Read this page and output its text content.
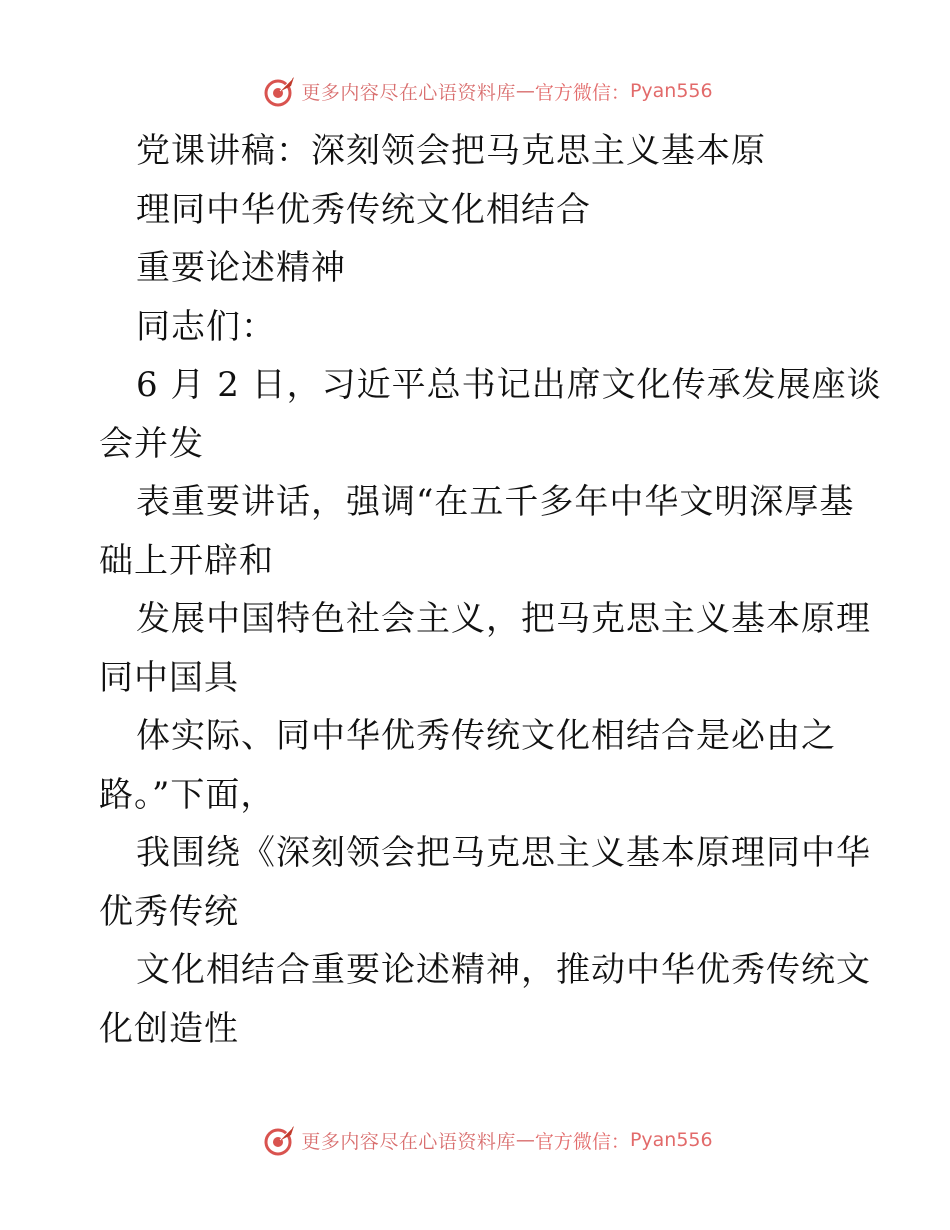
更多内容尽在心语资料库 — 官方微信： Pyan556
党课讲稿：深刻领会把马克思主义基本原
理同中华优秀传统文化相结合
重要论述精神
同志们：
6 月 2 日，习近平总书记出席文化传承发展座谈
会并发
表重要讲话，强调“在五千多年中华文明深厚基
础上开辟和
发展中国特色社会主义，把马克思主义基本原理
同中国具
体实际、同中华优秀传统文化相结合是必由之
路。”下面，
我围绕《深刻领会把马克思主义基本原理同中华
优秀传统
文化相结合重要论述精神，推动中华优秀传统文
化创造性
更多内容尽在心语资料库 — 官方微信： Pyan556
